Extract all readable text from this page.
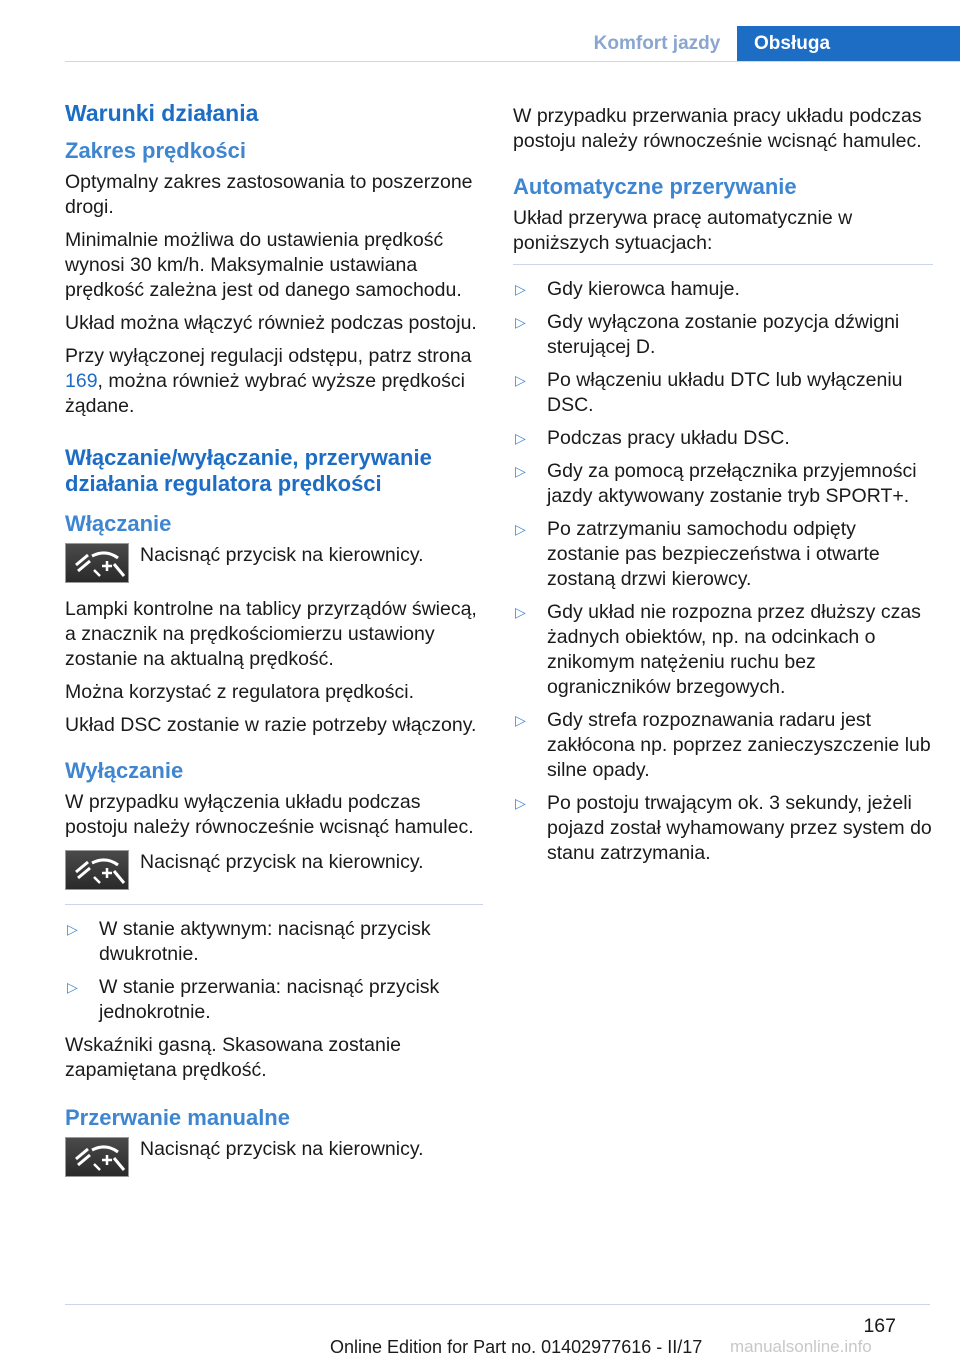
Komfort jazdy	Obsługa
Warunki działania
Zakres prędkości

Optymalny zakres zastosowania to poszerzone drogi.

Minimalnie możliwa do ustawienia prędkość wynosi 30 km/h. Maksymalnie ustawiana prędkość zależna jest od danego samochodu.

Układ można włączyć również podczas postoju.

Przy wyłączonej regulacji odstępu, patrz strona 169, można również wybrać wyższe prędkości żądane.

Włączanie/wyłączanie, przerywanie działania regulatora prędkości
Włączanie
Nacisnąć przycisk na kierownicy.

Lampki kontrolne na tablicy przyrządów świecą, a znacznik na prędkościomierzu ustawiony zostanie na aktualną prędkość.

Można korzystać z regulatora prędkości.

Układ DSC zostanie w razie potrzeby włączony.

Wyłączanie

W przypadku wyłączenia układu podczas postoju należy równocześnie wcisnąć hamulec.

Nacisnąć przycisk na kierownicy.
▷ W stanie aktywnym: nacisnąć przycisk dwukrotnie.
▷ W stanie przerwania: nacisnąć przycisk jednokrotnie.

Wskaźniki gasną. Skasowana zostanie zapamiętana prędkość.

Przerwanie manualne
Nacisnąć przycisk na kierownicy.

W przypadku przerwania pracy układu podczas postoju należy równocześnie wcisnąć hamulec.

Automatyczne przerywanie

Układ przerywa pracę automatycznie w poniższych sytuacjach:

▷ Gdy kierowca hamuje.
▷ Gdy wyłączona zostanie pozycja dźwigni sterującej D.
▷ Po włączeniu układu DTC lub wyłączeniu DSC.
▷ Podczas pracy układu DSC.
▷ Gdy za pomocą przełącznika przyjemności jazdy aktywowany zostanie tryb SPORT+.
▷ Po zatrzymaniu samochodu odpięty zostanie pas bezpieczeństwa i otwarte zostaną drzwi kierowcy.
▷ Gdy układ nie rozpozna przez dłuższy czas żadnych obiektów, np. na odcinkach o znikomym natężeniu ruchu bez ograniczników brzegowych.
▷ Gdy strefa rozpoznawania radaru jest zakłócona np. poprzez zanieczyszczenie lub silne opady.
▷ Po postoju trwającym ok. 3 sekundy, jeżeli pojazd został wyhamowany przez system do stanu zatrzymania.
167
Online Edition for Part no. 01402977616 - II/17 manualsonline.info
